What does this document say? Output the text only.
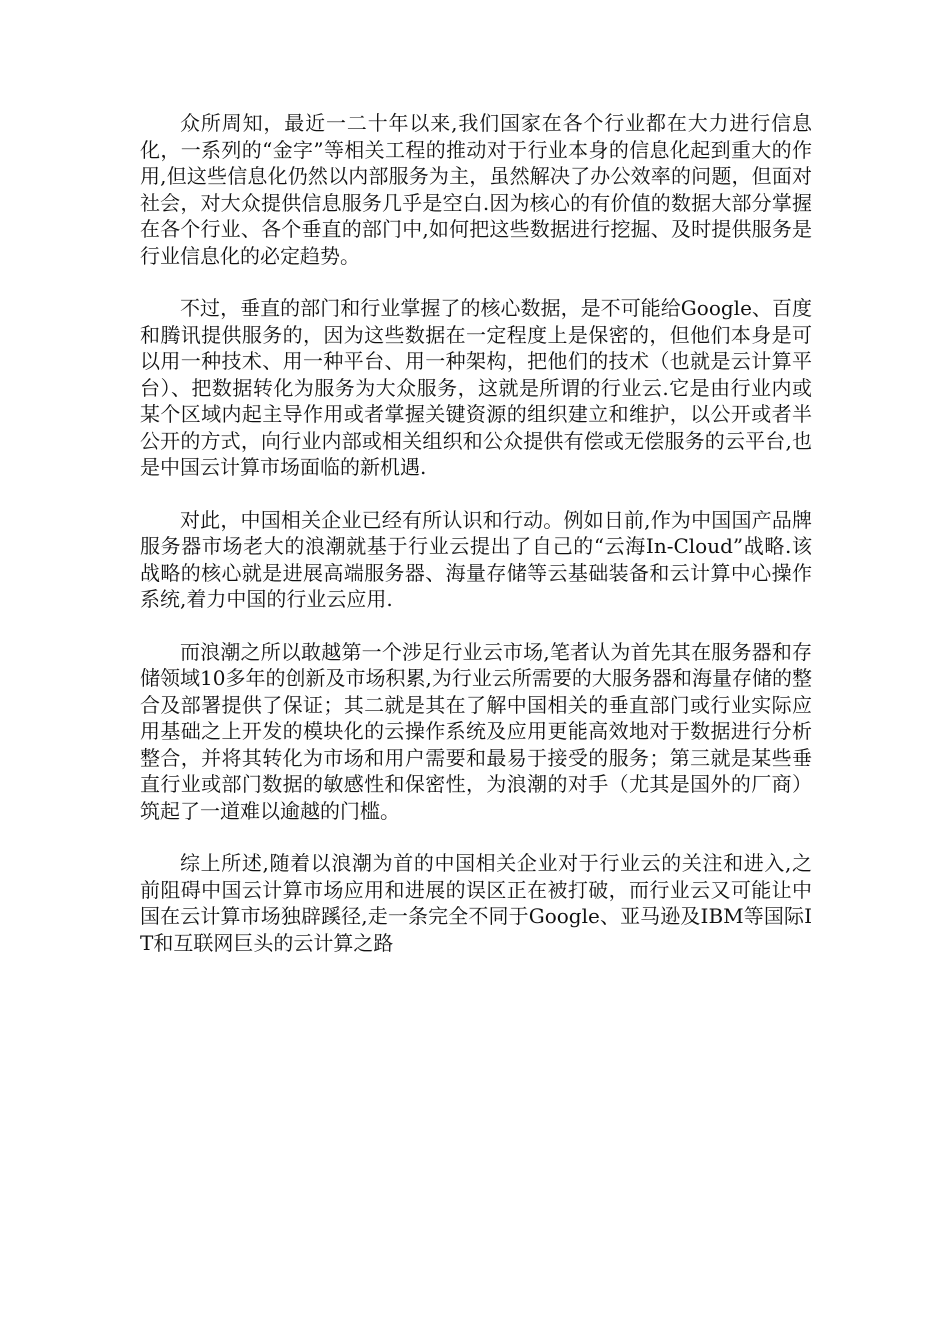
众所周知，最近一二十年以来,我们国家在各个行业都在大力进行信息化，一系列的“金字”等相关工程的推动对于行业本身的信息化起到重大的作用,但这些信息化仍然以内部服务为主，虽然解决了办公效率的问题，但面对社会，对大众提供信息服务几乎是空白.因为核心的有价值的数据大部分掌握在各个行业、各个垂直的部门中,如何把这些数据进行挖掘、及时提供服务是行业信息化的必定趋势。

不过，垂直的部门和行业掌握了的核心数据，是不可能给Google、百度和腾讯提供服务的，因为这些数据在一定程度上是保密的，但他们本身是可以用一种技术、用一种平台、用一种架构，把他们的技术（也就是云计算平台）、把数据转化为服务为大众服务，这就是所谓的行业云.它是由行业内或某个区域内起主导作用或者掌握关键资源的组织建立和维护，以公开或者半公开的方式，向行业内部或相关组织和公众提供有偿或无偿服务的云平台,也是中国云计算市场面临的新机遇.

对此，中国相关企业已经有所认识和行动。例如日前,作为中国国产品牌服务器市场老大的浪潮就基于行业云提出了自己的“云海In-Cloud”战略.该战略的核心就是进展高端服务器、海量存储等云基础装备和云计算中心操作系统,着力中国的行业云应用.

而浪潮之所以敢越第一个涉足行业云市场,笔者认为首先其在服务器和存储领域10多年的创新及市场积累,为行业云所需要的大服务器和海量存储的整合及部署提供了保证；其二就是其在了解中国相关的垂直部门或行业实际应用基础之上开发的模块化的云操作系统及应用更能高效地对于数据进行分析整合，并将其转化为市场和用户需要和最易于接受的服务；第三就是某些垂直行业或部门数据的敏感性和保密性，为浪潮的对手（尤其是国外的厂商）筑起了一道难以逾越的门槛。

综上所述,随着以浪潮为首的中国相关企业对于行业云的关注和进入,之前阻碍中国云计算市场应用和进展的误区正在被打破，而行业云又可能让中国在云计算市场独辟蹊径,走一条完全不同于Google、亚马逊及IBM等国际IT和互联网巨头的云计算之路
